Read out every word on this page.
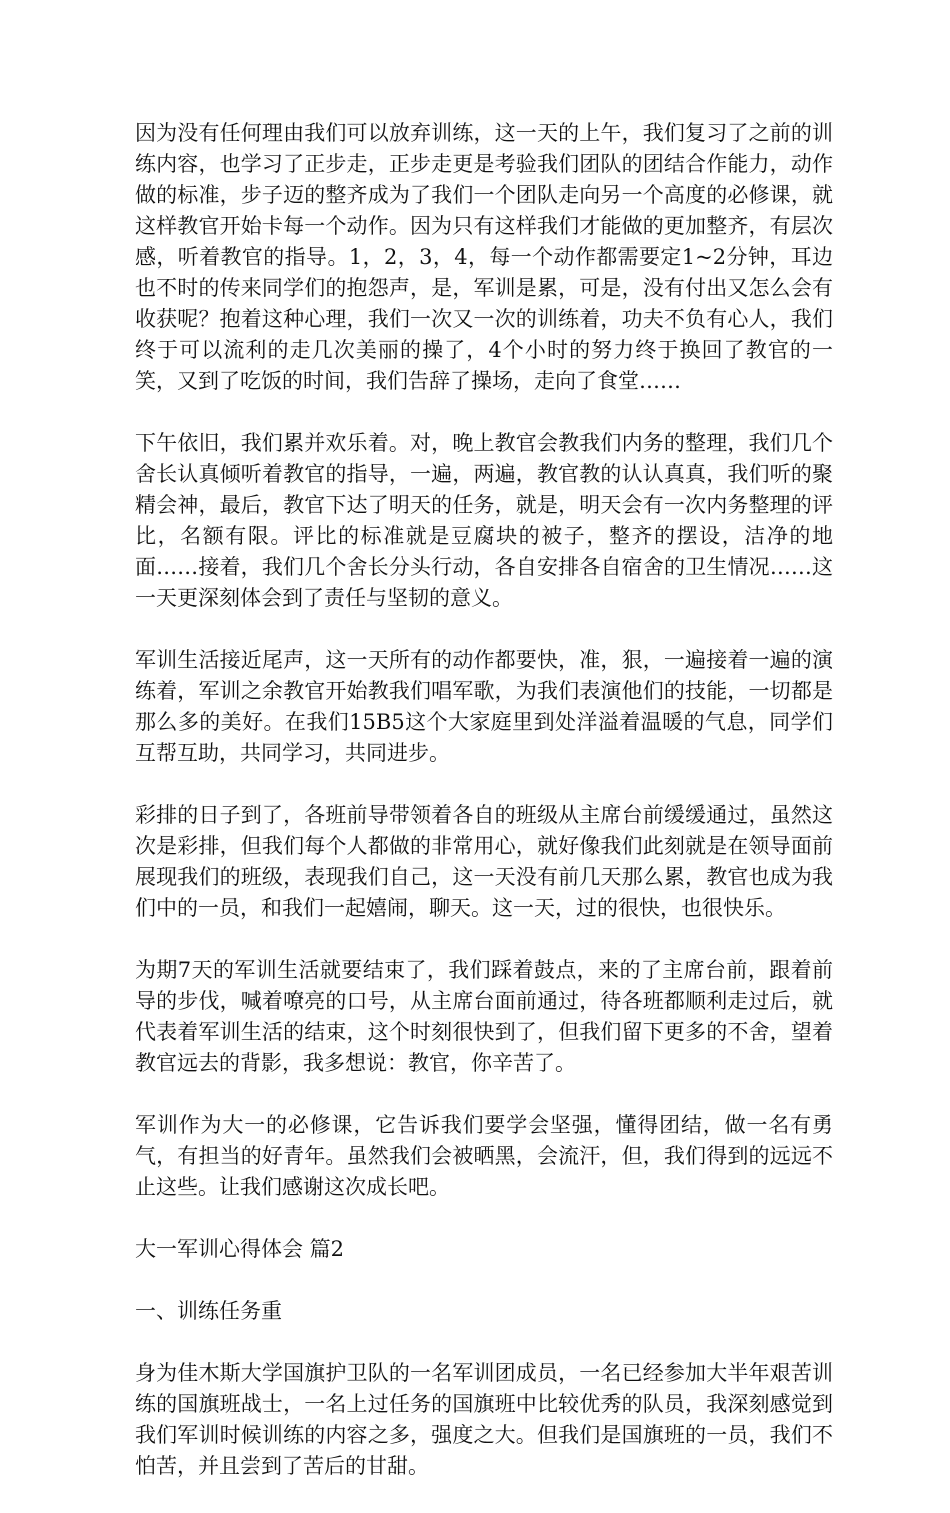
因为没有任何理由我们可以放弃训练，这一天的上午，我们复习了之前的训练内容，也学习了正步走，正步走更是考验我们团队的团结合作能力，动作做的标准，步子迈的整齐成为了我们一个团队走向另一个高度的必修课，就这样教官开始卡每一个动作。因为只有这样我们才能做的更加整齐，有层次感，听着教官的指导。1，2，3，4，每一个动作都需要定1~2分钟，耳边也不时的传来同学们的抱怨声，是，军训是累，可是，没有付出又怎么会有收获呢？抱着这种心理，我们一次又一次的训练着，功夫不负有心人，我们终于可以流利的走几次美丽的操了，4个小时的努力终于换回了教官的一笑，又到了吃饭的时间，我们告辞了操场，走向了食堂……

下午依旧，我们累并欢乐着。对，晚上教官会教我们内务的整理，我们几个舍长认真倾听着教官的指导，一遍，两遍，教官教的认认真真，我们听的聚精会神，最后，教官下达了明天的任务，就是，明天会有一次内务整理的评比，名额有限。评比的标准就是豆腐块的被子，整齐的摆设，洁净的地面……接着，我们几个舍长分头行动，各自安排各自宿舍的卫生情况……这一天更深刻体会到了责任与坚韧的意义。

军训生活接近尾声，这一天所有的动作都要快，准，狠，一遍接着一遍的演练着，军训之余教官开始教我们唱军歌，为我们表演他们的技能，一切都是那么多的美好。在我们15B5这个大家庭里到处洋溢着温暖的气息，同学们互帮互助，共同学习，共同进步。

彩排的日子到了，各班前导带领着各自的班级从主席台前缓缓通过，虽然这次是彩排，但我们每个人都做的非常用心，就好像我们此刻就是在领导面前展现我们的班级，表现我们自己，这一天没有前几天那么累，教官也成为我们中的一员，和我们一起嬉闹，聊天。这一天，过的很快，也很快乐。

为期7天的军训生活就要结束了，我们踩着鼓点，来的了主席台前，跟着前导的步伐，喊着嘹亮的口号，从主席台面前通过，待各班都顺利走过后，就代表着军训生活的结束，这个时刻很快到了，但我们留下更多的不舍，望着教官远去的背影，我多想说：教官，你辛苦了。

军训作为大一的必修课，它告诉我们要学会坚强，懂得团结，做一名有勇气，有担当的好青年。虽然我们会被晒黑，会流汗，但，我们得到的远远不止这些。让我们感谢这次成长吧。

大一军训心得体会 篇2

一、训练任务重

身为佳木斯大学国旗护卫队的一名军训团成员，一名已经参加大半年艰苦训练的国旗班战士，一名上过任务的国旗班中比较优秀的队员，我深刻感觉到我们军训时候训练的内容之多，强度之大。但我们是国旗班的一员，我们不怕苦，并且尝到了苦后的甘甜。
